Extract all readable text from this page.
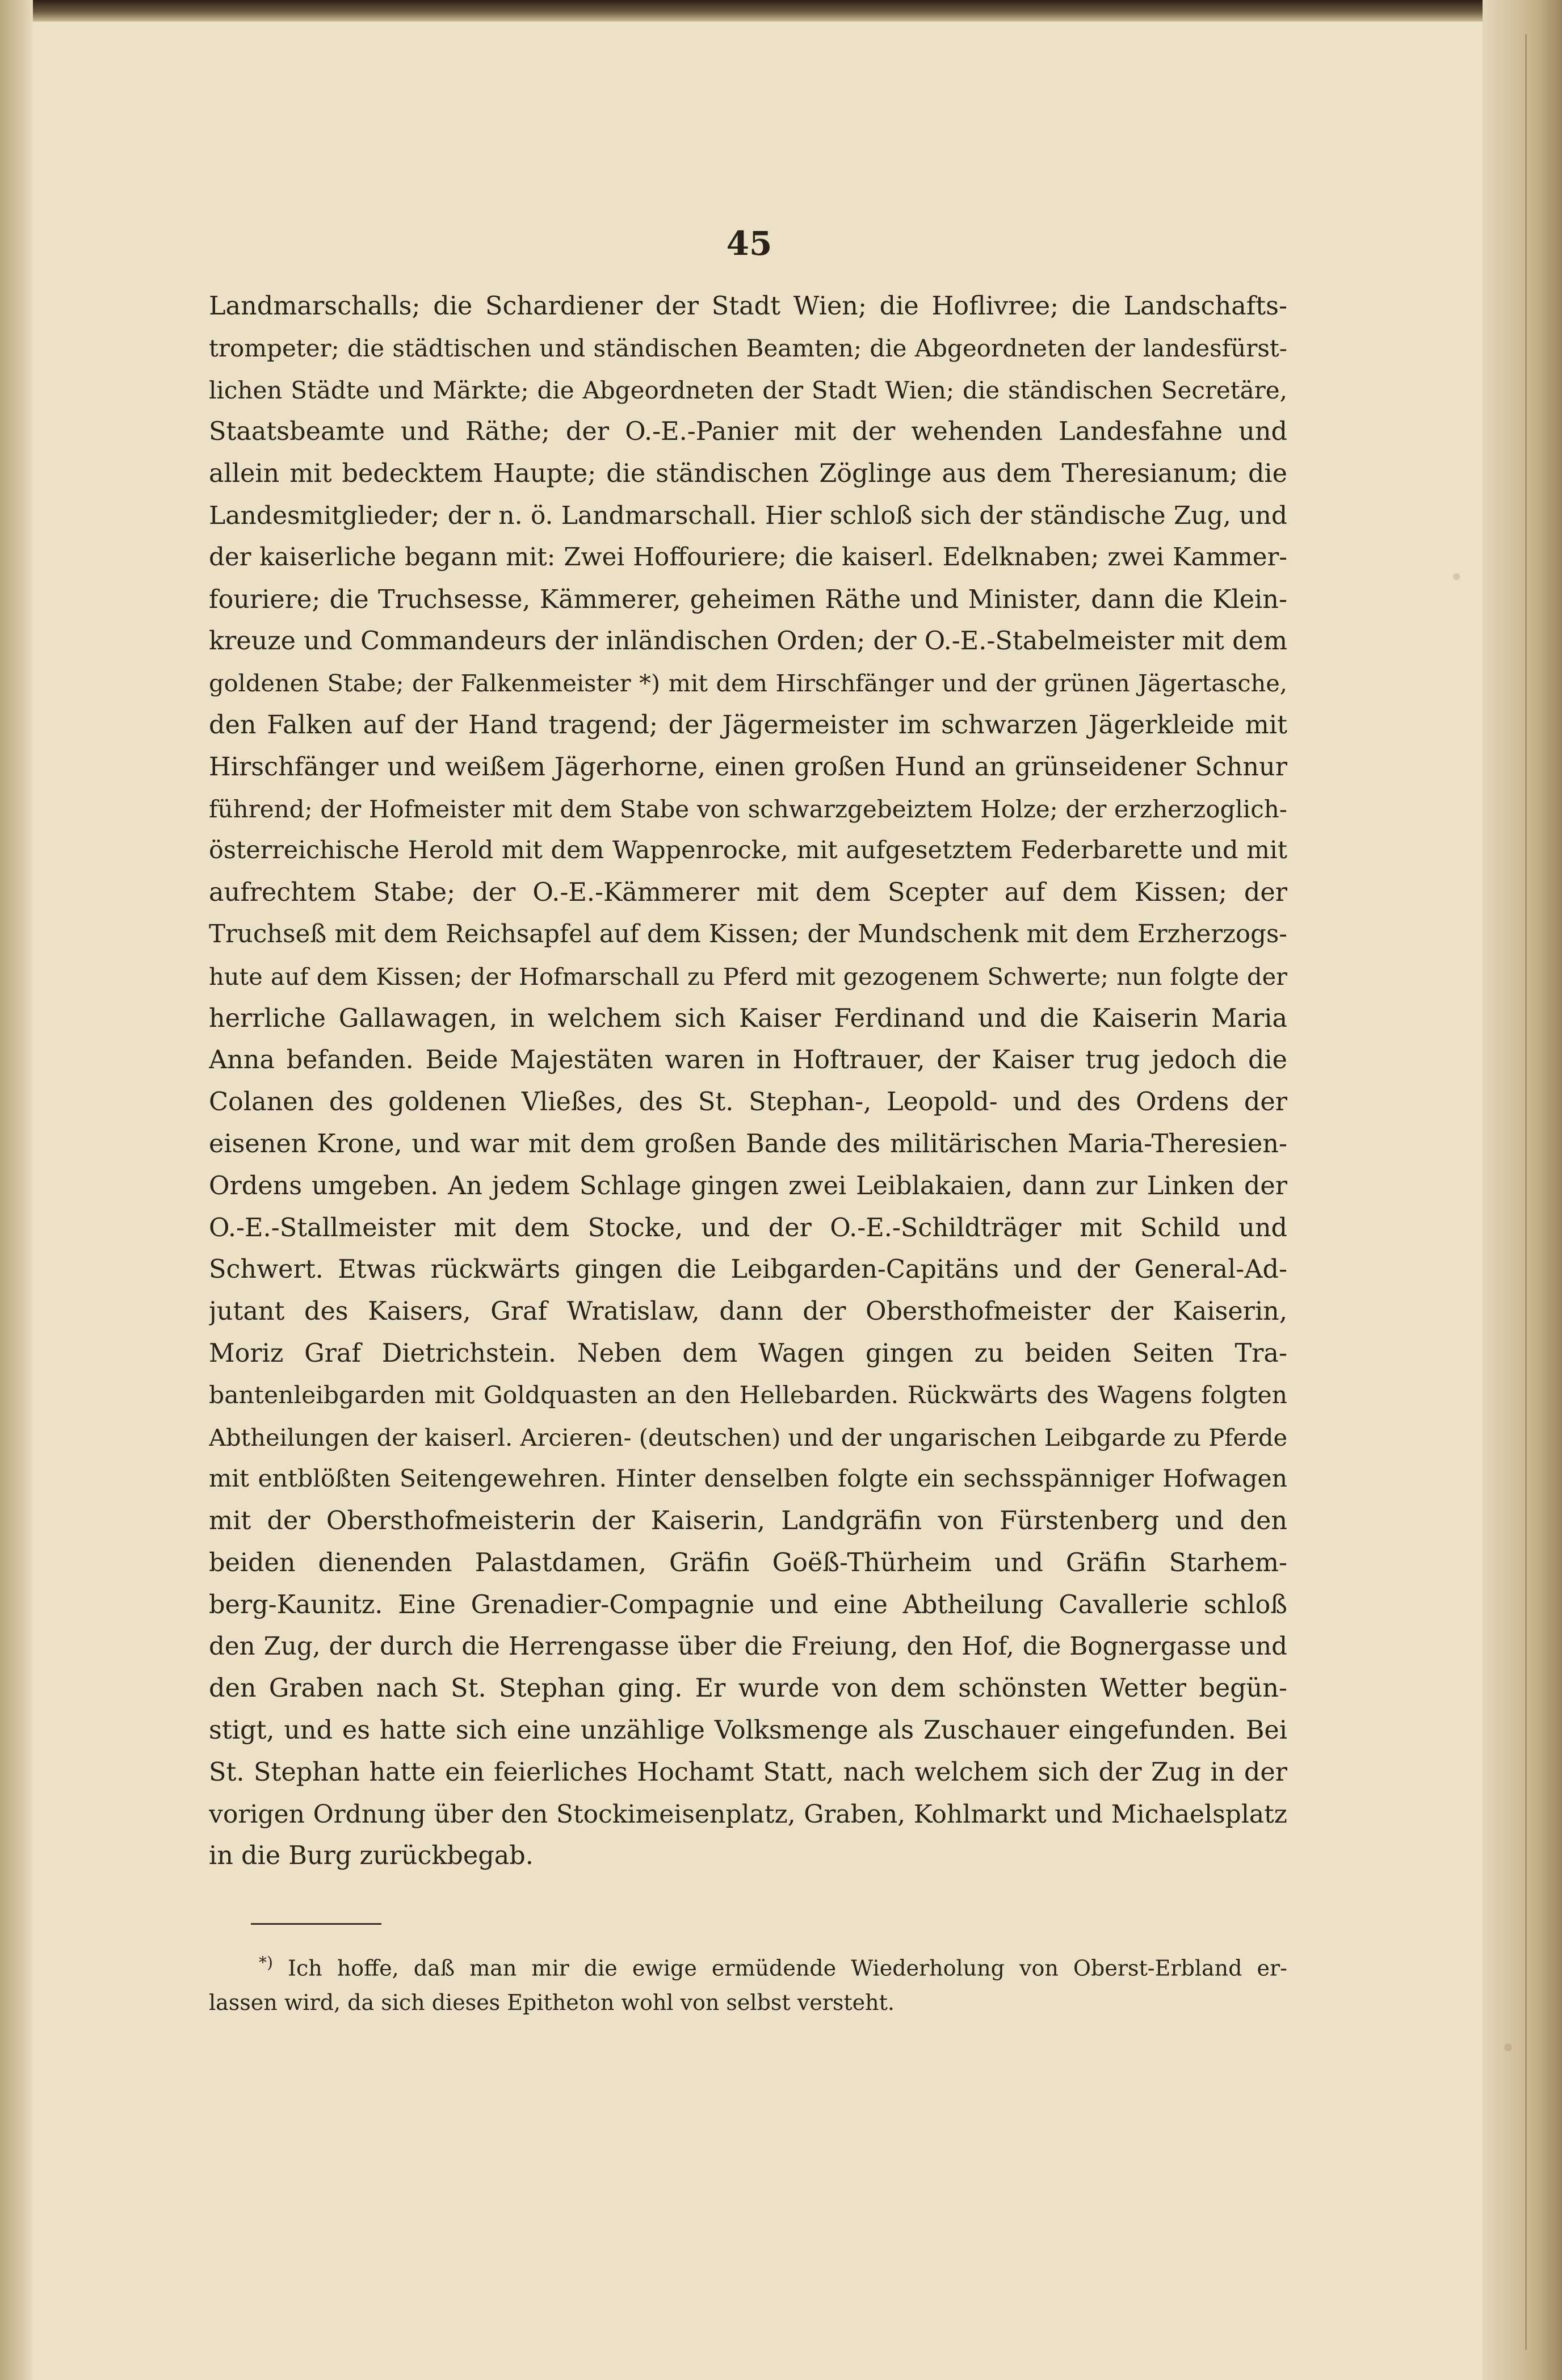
45

Landmarschalls; die Schardiener der Stadt Wien; die Hoflivree; die Landschafts-
trompeter; die städtischen und ständischen Beamten; die Abgeordneten der landesfürst-
lichen Städte und Märkte; die Abgeordneten der Stadt Wien; die ständischen Secretäre,
Staatsbeamte und Räthe; der O.-E.-Panier mit der wehenden Landesfahne und
allein mit bedecktem Haupte; die ständischen Zöglinge aus dem Theresianum; die
Landesmitglieder; der n. ö. Landmarschall. Hier schloß sich der ständische Zug, und
der kaiserliche begann mit: Zwei Hoffouriere; die kaiserl. Edelknaben; zwei Kammer-
fouriere; die Truchsesse, Kämmerer, geheimen Räthe und Minister, dann die Klein-
kreuze und Commandeurs der inländischen Orden; der O.-E.-Stabelmeister mit dem
goldenen Stabe; der Falkenmeister *) mit dem Hirschfänger und der grünen Jägertasche,
den Falken auf der Hand tragend; der Jägermeister im schwarzen Jägerkleide mit
Hirschfänger und weißem Jägerhorne, einen großen Hund an grünseidener Schnur
führend; der Hofmeister mit dem Stabe von schwarzgebeiztem Holze; der erzherzoglich-
österreichische Herold mit dem Wappenrocke, mit aufgesetztem Federbarette und mit
aufrechtem Stabe; der O.-E.-Kämmerer mit dem Scepter auf dem Kissen; der
Truchseß mit dem Reichsapfel auf dem Kissen; der Mundschenk mit dem Erzherzogs-
hute auf dem Kissen; der Hofmarschall zu Pferd mit gezogenem Schwerte; nun folgte der
herrliche Gallawagen, in welchem sich Kaiser Ferdinand und die Kaiserin Maria
Anna befanden. Beide Majestäten waren in Hoftrauer, der Kaiser trug jedoch die
Colanen des goldenen Vließes, des St. Stephan-, Leopold- und des Ordens der
eisenen Krone, und war mit dem großen Bande des militärischen Maria-Theresien-
Ordens umgeben. An jedem Schlage gingen zwei Leiblakaien, dann zur Linken der
O.-E.-Stallmeister mit dem Stocke, und der O.-E.-Schildträger mit Schild und
Schwert. Etwas rückwärts gingen die Leibgarden-Capitäns und der General-Ad-
jutant des Kaisers, Graf Wratislaw, dann der Obersthofmeister der Kaiserin,
Moriz Graf Dietrichstein. Neben dem Wagen gingen zu beiden Seiten Tra-
bantenleibgarden mit Goldquasten an den Hellebarden. Rückwärts des Wagens folgten
Abtheilungen der kaiserl. Arcieren- (deutschen) und der ungarischen Leibgarde zu Pferde
mit entblößten Seitengewehren. Hinter denselben folgte ein sechsspänniger Hofwagen
mit der Obersthofmeisterin der Kaiserin, Landgräfin von Fürstenberg und den
beiden dienenden Palastdamen, Gräfin Goëß-Thürheim und Gräfin Starhem-
berg-Kaunitz. Eine Grenadier-Compagnie und eine Abtheilung Cavallerie schloß
den Zug, der durch die Herrengasse über die Freiung, den Hof, die Bognergasse und
den Graben nach St. Stephan ging. Er wurde von dem schönsten Wetter begün-
stigt, und es hatte sich eine unzählige Volksmenge als Zuschauer eingefunden. Bei
St. Stephan hatte ein feierliches Hochamt Statt, nach welchem sich der Zug in der
vorigen Ordnung über den Stockimeisenplatz, Graben, Kohlmarkt und Michaelsplatz
in die Burg zurückbegab.
*) Ich hoffe, daß man mir die ewige ermüdende Wiederholung von Oberst-Erbland er-
lassen wird, da sich dieses Epitheton wohl von selbst versteht.
